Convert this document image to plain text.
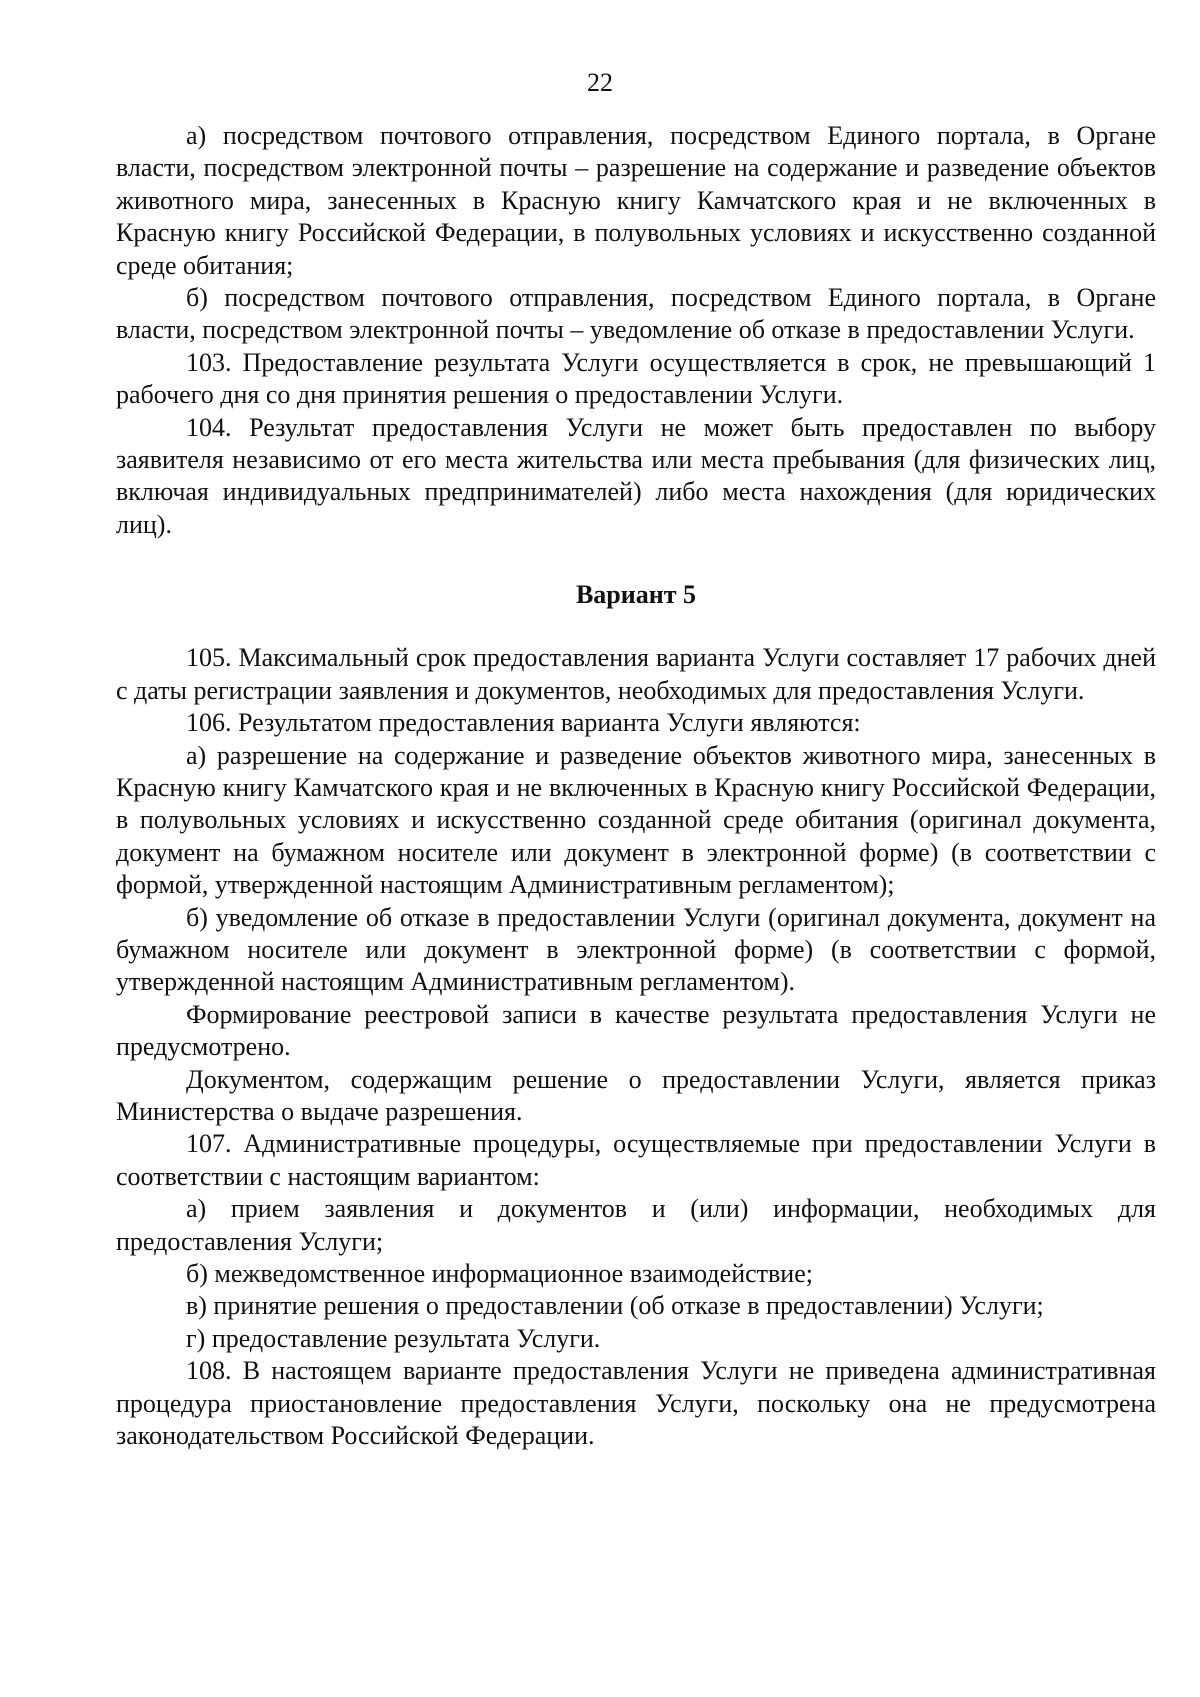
22

а) посредством почтового отправления, посредством Единого портала, в Органе власти, посредством электронной почты – разрешение на содержание и разведение объектов животного мира, занесенных в Красную книгу Камчатского края и не включенных в Красную книгу Российской Федерации, в полувольных условиях и искусственно созданной среде обитания;

б) посредством почтового отправления, посредством Единого портала, в Органе власти, посредством электронной почты – уведомление об отказе в предоставлении Услуги.

103. Предоставление результата Услуги осуществляется в срок, не превышающий 1 рабочего дня со дня принятия решения о предоставлении Услуги.

104. Результат предоставления Услуги не может быть предоставлен по выбору заявителя независимо от его места жительства или места пребывания (для физических лиц, включая индивидуальных предпринимателей) либо места нахождения (для юридических лиц).

Вариант 5

105. Максимальный срок предоставления варианта Услуги составляет 17 рабочих дней с даты регистрации заявления и документов, необходимых для предоставления Услуги.

106. Результатом предоставления варианта Услуги являются:

а) разрешение на содержание и разведение объектов животного мира, занесенных в Красную книгу Камчатского края и не включенных в Красную книгу Российской Федерации, в полувольных условиях и искусственно созданной среде обитания (оригинал документа, документ на бумажном носителе или документ в электронной форме) (в соответствии с формой, утвержденной настоящим Административным регламентом);

б) уведомление об отказе в предоставлении Услуги (оригинал документа, документ на бумажном носителе или документ в электронной форме) (в соответствии с формой, утвержденной настоящим Административным регламентом).

Формирование реестровой записи в качестве результата предоставления Услуги не предусмотрено.

Документом, содержащим решение о предоставлении Услуги, является приказ Министерства о выдаче разрешения.

107. Административные процедуры, осуществляемые при предоставлении Услуги в соответствии с настоящим вариантом:

а) прием заявления и документов и (или) информации, необходимых для предоставления Услуги;

б) межведомственное информационное взаимодействие;

в) принятие решения о предоставлении (об отказе в предоставлении) Услуги;

г) предоставление результата Услуги.

108. В настоящем варианте предоставления Услуги не приведена административная процедура приостановление предоставления Услуги, поскольку она не предусмотрена законодательством Российской Федерации.
